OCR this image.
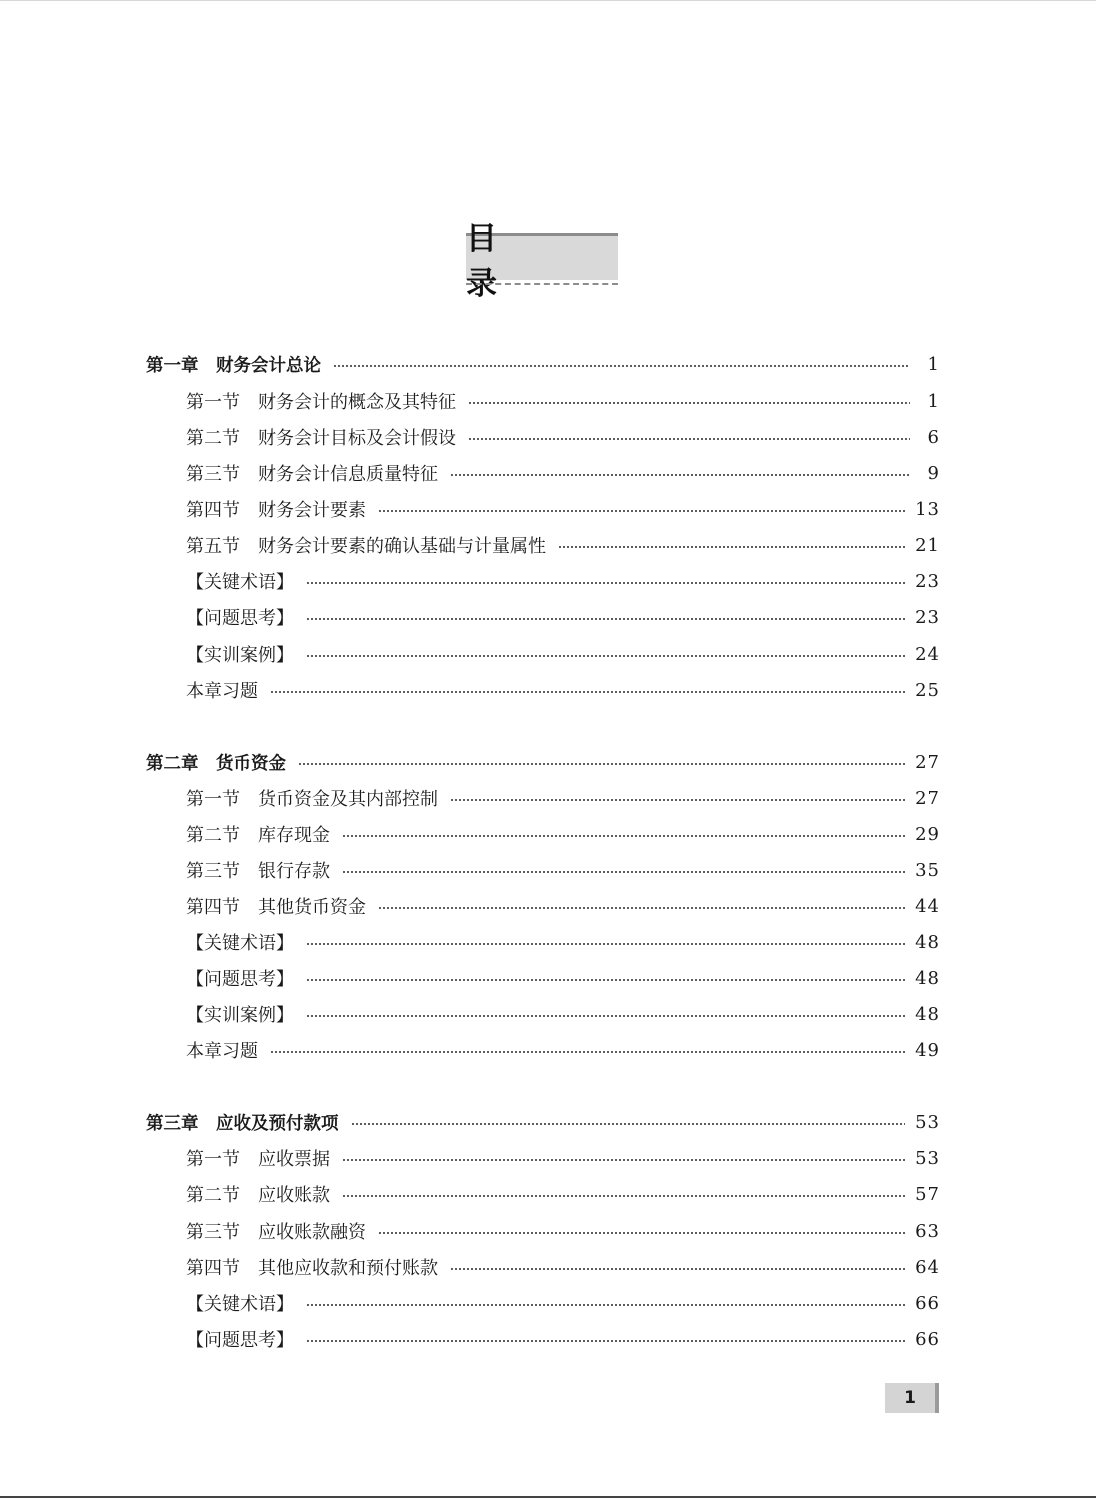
目　录
第一章　财务会计总论	1
第一节　财务会计的概念及其特征	1
第二节　财务会计目标及会计假设	6
第三节　财务会计信息质量特征	9
第四节　财务会计要素	13
第五节　财务会计要素的确认基础与计量属性	21
【关键术语】	23
【问题思考】	23
【实训案例】	24
本章习题	25
第二章　货币资金	27
第一节　货币资金及其内部控制	27
第二节　库存现金	29
第三节　银行存款	35
第四节　其他货币资金	44
【关键术语】	48
【问题思考】	48
【实训案例】	48
本章习题	49
第三章　应收及预付款项	53
第一节　应收票据	53
第二节　应收账款	57
第三节　应收账款融资	63
第四节　其他应收款和预付账款	64
【关键术语】	66
【问题思考】	66
1
